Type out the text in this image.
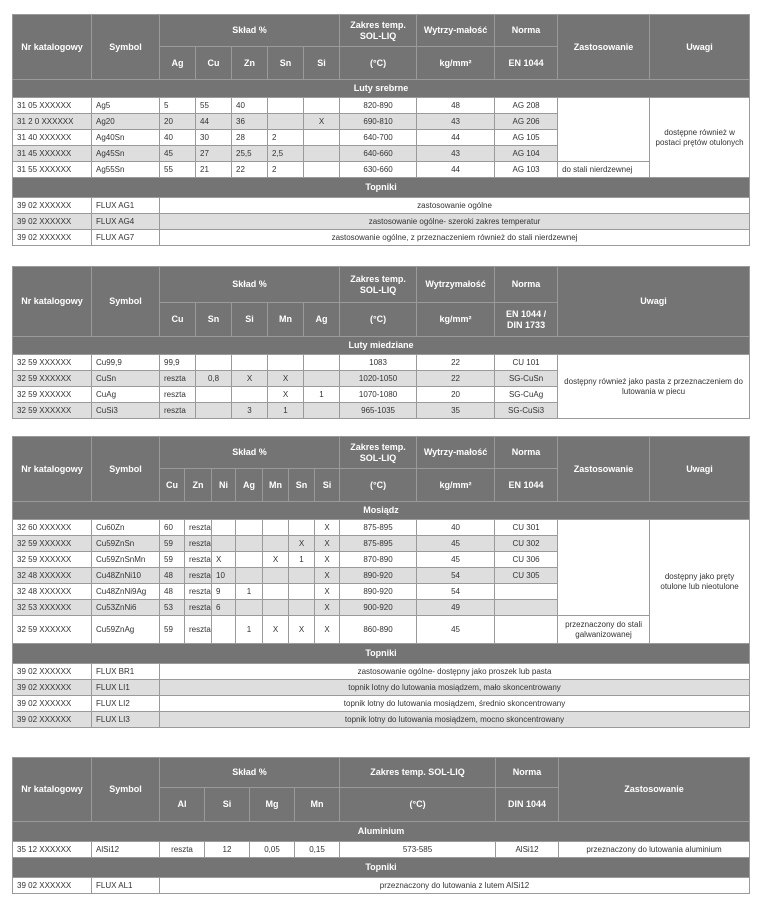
Nr katalogowy	Symbol	Skład %					Zakres temp. SOL-LIQ	Wytrzy-małość	Norma	Zastosowanie	Uwagi
		Ag	Cu	Zn	Sn	Si	(°C)	kg/mm²	EN 1044		
Luty srebrne											
31 05 XXXXXX	Ag5	5	55	40			820-890	48	AG 208		dostępne również w postaci prętów otulonych
31 2 0 XXXXXX	Ag20	20	44	36		X	690-810	43	AG 206		
31 40 XXXXXX	Ag40Sn	40	30	28	2		640-700	44	AG 105		
31 45 XXXXXX	Ag45Sn	45	27	25,5	2,5		640-660	43	AG 104		
31 55 XXXXXX	Ag55Sn	55	21	22	2		630-660	44	AG 103	do stali nierdzewnej	
Topniki											
39 02 XXXXXX	FLUX AG1	zastosowanie ogólne									
39 02 XXXXXX	FLUX AG4	zastosowanie ogólne- szeroki zakres temperatur									
39 02 XXXXXX	FLUX AG7	zastosowanie ogólne, z przeznaczeniem również do stali nierdzewnej									
Nr katalogowy	Symbol	Skład %					Zakres temp. SOL-LIQ	Wytrzymałość	Norma	Uwagi
		Cu	Sn	Si	Mn	Ag	(°C)	kg/mm²	EN 1044 / DIN 1733	
Luty miedziane										
32 59 XXXXXX	Cu99,9	99,9					1083	22	CU 101	dostępny również jako pasta z przeznaczeniem do lutowania w piecu
32 59 XXXXXX	CuSn	reszta	0,8	X	X		1020-1050	22	SG-CuSn	
32 59 XXXXXX	CuAg	reszta			X	1	1070-1080	20	SG-CuAg	
32 59 XXXXXX	CuSi3	reszta		3	1		965-1035	35	SG-CuSi3	
Nr katalogowy	Symbol	Skład %							Zakres temp. SOL-LIQ	Wytrzy-małość	Norma	Zastosowanie	Uwagi
		Cu	Zn	Ni	Ag	Mn	Sn	Si	(°C)	kg/mm²	EN 1044		
Mosiądz													
32 60 XXXXXX	Cu60Zn	60	reszta					X	875-895	40	CU 301		dostępny jako pręty otulone lub nieotulone
32 59 XXXXXX	Cu59ZnSn	59	reszta				X	X	875-895	45	CU 302		
32 59 XXXXXX	Cu59ZnSnMn	59	reszta	X		X	1	X	870-890	45	CU 306		
32 48 XXXXXX	Cu48ZnNi10	48	reszta	10				X	890-920	54	CU 305		
32 48 XXXXXX	Cu48ZnNi9Ag	48	reszta	9	1			X	890-920	54			
32 53 XXXXXX	Cu53ZnNi6	53	reszta	6				X	900-920	49			
32 59 XXXXXX	Cu59ZnAg	59	reszta		1	X	X	X	860-890	45		przeznaczony do stali galwanizowanej	
Topniki													
39 02 XXXXXX	FLUX BR1	zastosowanie ogólne- dostępny jako proszek lub pasta											
39 02 XXXXXX	FLUX LI1	topnik lotny do lutowania mosiądzem, mało skoncentrowany											
39 02 XXXXXX	FLUX LI2	topnik lotny do lutowania mosiądzem, średnio skoncentrowany											
39 02 XXXXXX	FLUX LI3	topnik lotny do lutowania mosiądzem, mocno skoncentrowany											
Nr katalogowy	Symbol	Skład %				Zakres temp. SOL-LIQ	Norma	Zastosowanie
		Al	Si	Mg	Mn	(°C)	DIN 1044	
Aluminium								
35 12 XXXXXX	AlSi12	reszta	12	0,05	0,15	573-585	AlSi12	przeznaczony do lutowania aluminium
Topniki								
39 02 XXXXXX	FLUX AL1	przeznaczony do lutowania z lutem AlSi12						
